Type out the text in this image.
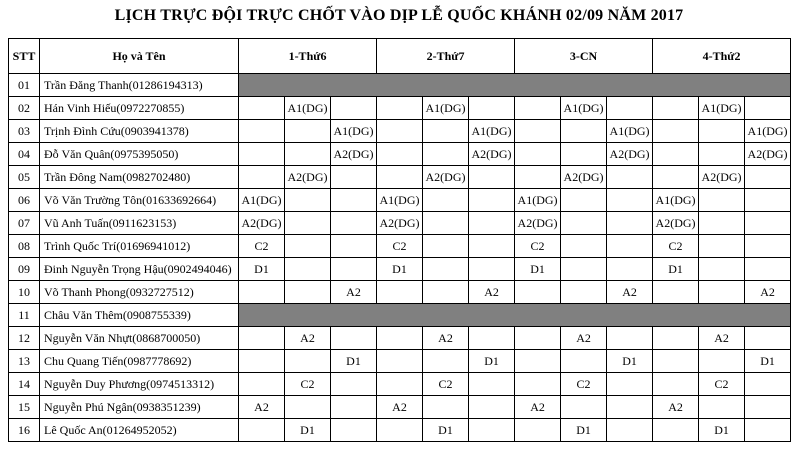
LỊCH TRỰC ĐỘI TRỰC CHỐT VÀO DỊP LỄ QUỐC KHÁNH 02/09 NĂM 2017
STT	Họ và Tên	1-Thứ6			2-Thứ7			3-CN			4-Thứ2		
01	Trần Đăng Thanh(01286194313)												
02	Hán Vinh Hiếu(0972270855)		A1(DG)			A1(DG)			A1(DG)			A1(DG)	
03	Trịnh Đình Cứu(0903941378)			A1(DG)			A1(DG)			A1(DG)			A1(DG)
04	Đỗ Văn Quân(0975395050)			A2(DG)			A2(DG)			A2(DG)			A2(DG)
05	Trần Đông Nam(0982702480)		A2(DG)			A2(DG)			A2(DG)			A2(DG)	
06	Võ Văn Trường Tôn(01633692664)	A1(DG)			A1(DG)			A1(DG)			A1(DG)		
07	Vũ Anh Tuấn(0911623153)	A2(DG)			A2(DG)			A2(DG)			A2(DG)		
08	Trình Quốc Trí(01696941012)	C2			C2			C2			C2		
09	Đinh Nguyễn Trọng Hậu(0902494046)	D1			D1			D1			D1		
10	Võ Thanh Phong(0932727512)			A2			A2			A2			A2
11	Châu Văn Thêm(0908755339)												
12	Nguyễn Văn Nhựt(0868700050)		A2			A2			A2			A2	
13	Chu Quang Tiến(0987778692)			D1			D1			D1			D1
14	Nguyễn Duy Phương(0974513312)		C2			C2			C2			C2	
15	Nguyễn Phú Ngân(0938351239)	A2			A2			A2			A2		
16	Lê Quốc An(01264952052)		D1			D1			D1			D1	
